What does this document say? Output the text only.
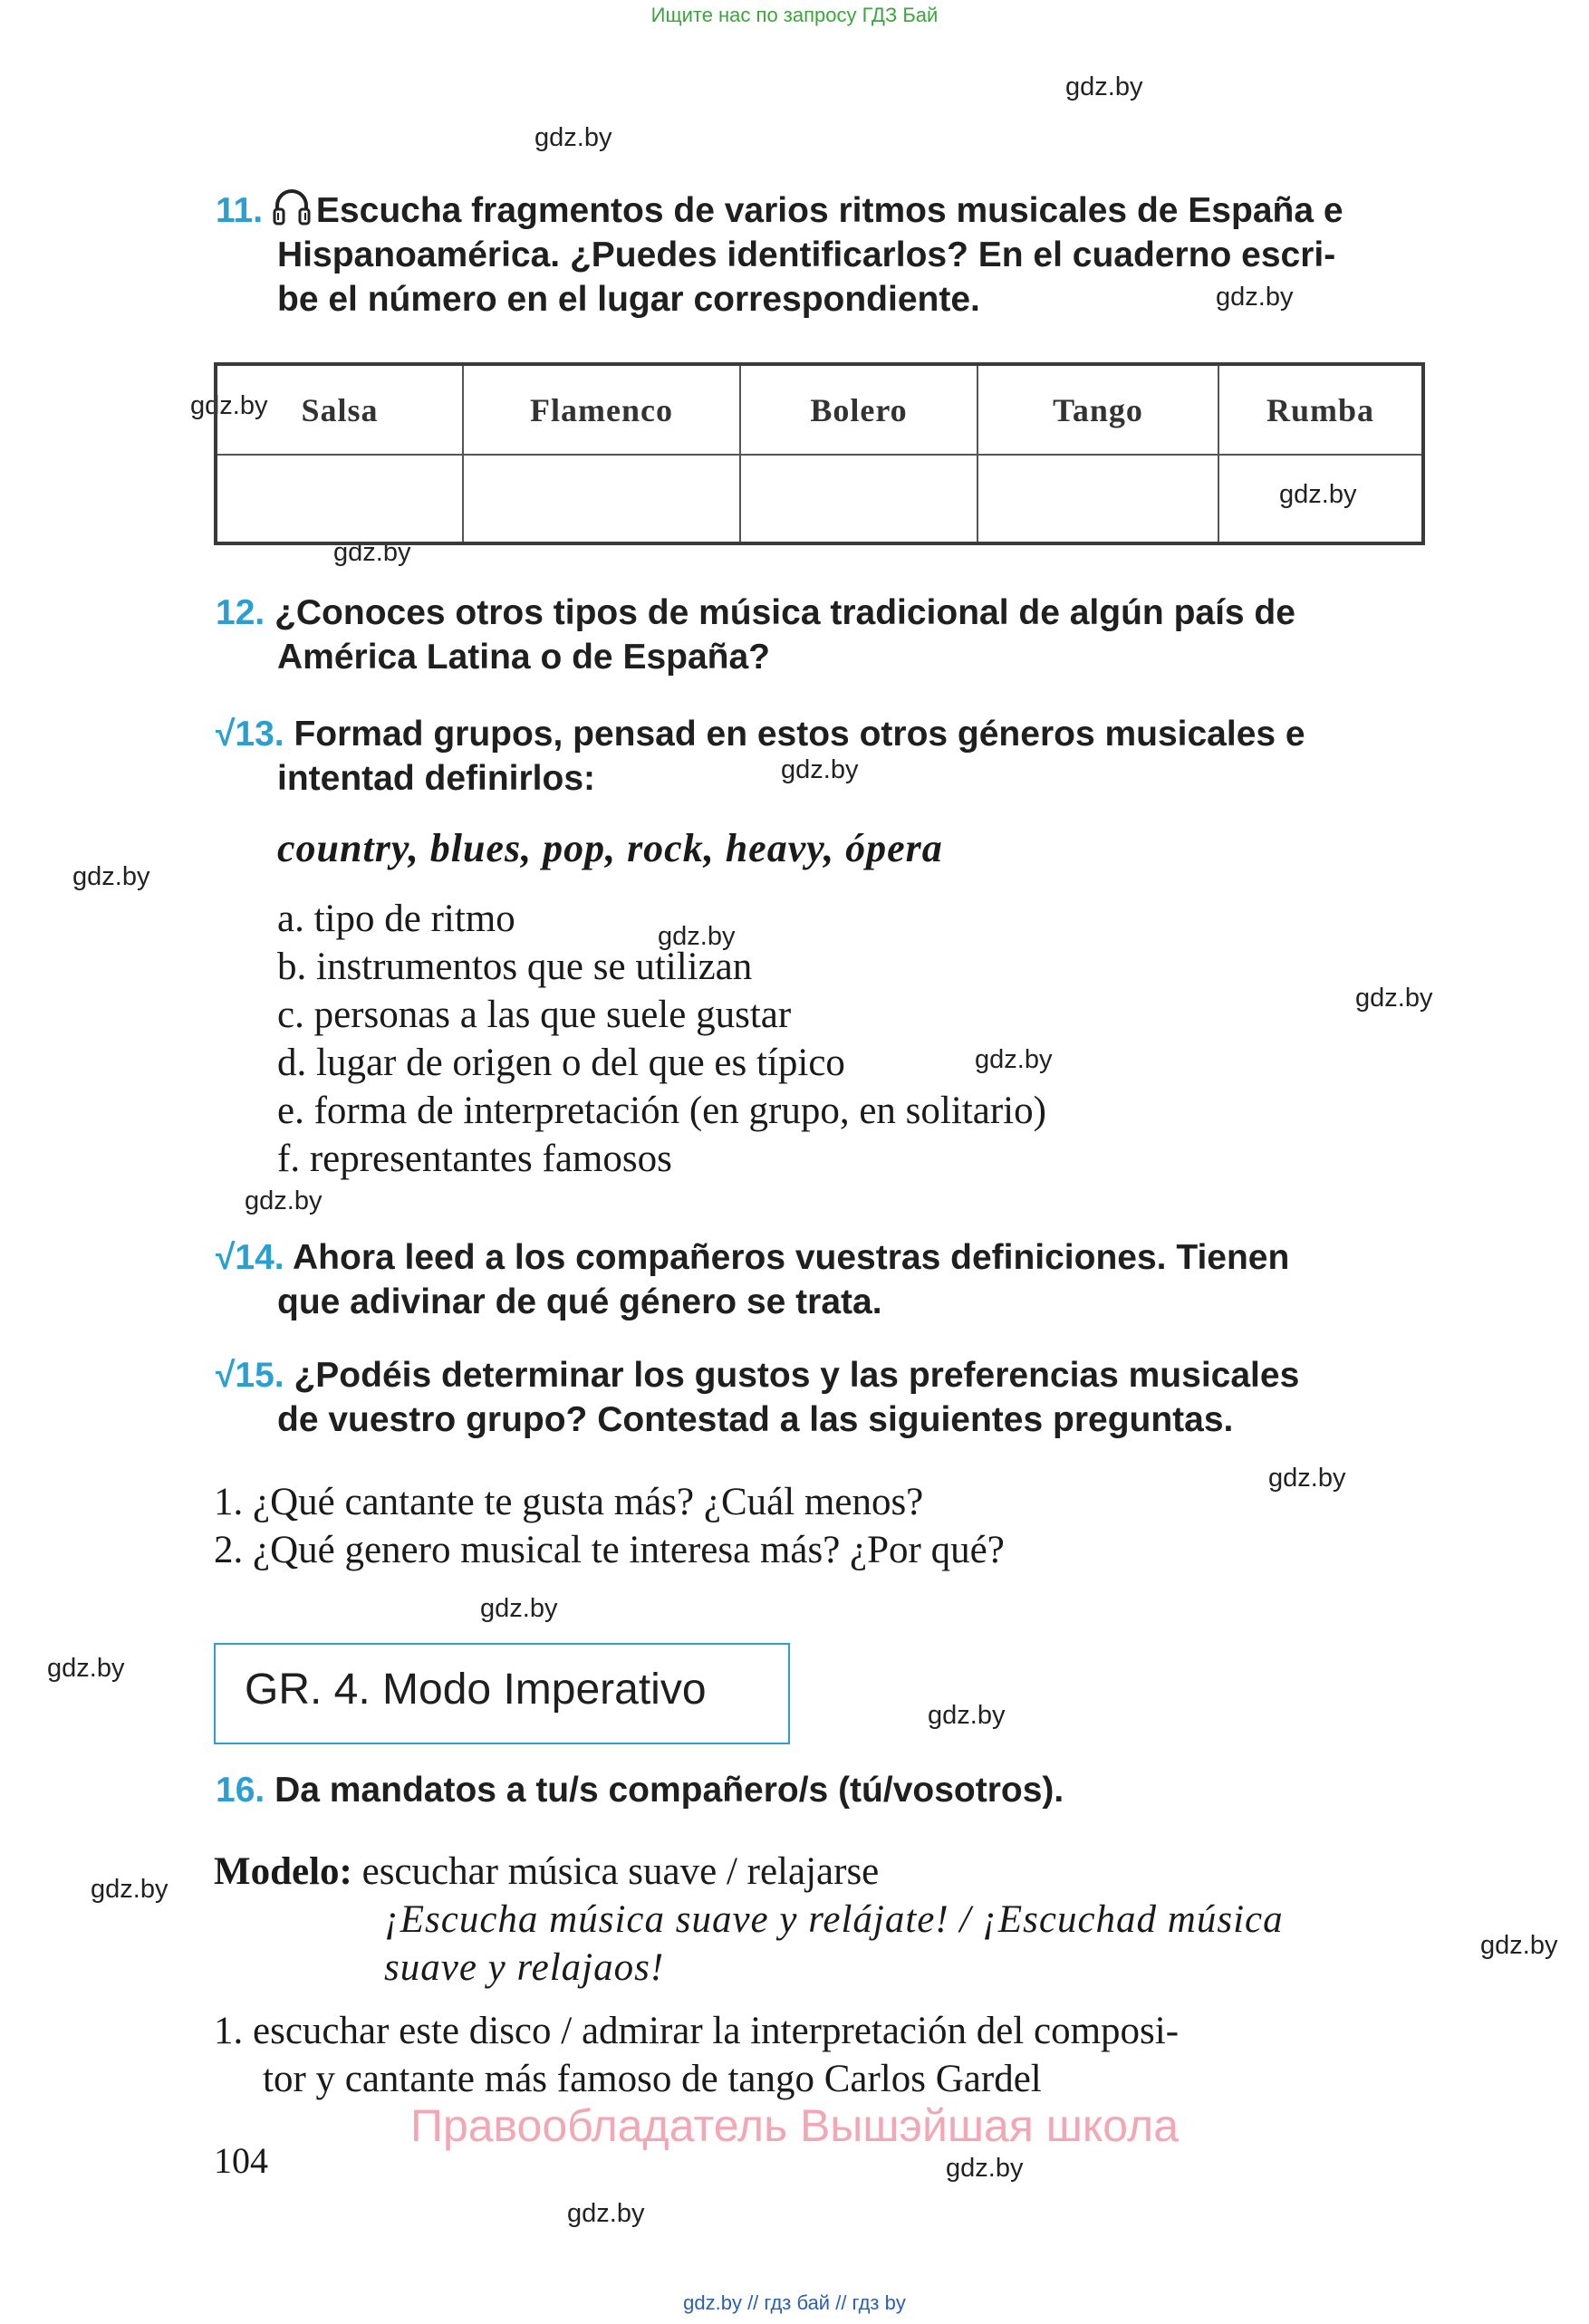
Ищите нас по запросу ГДЗ Бай
gdz.by
gdz.by
gdz.by
gdz.by
gdz.by
gdz.by
gdz.by
gdz.by
gdz.by
gdz.by
gdz.by
gdz.by
gdz.by
gdz.by
gdz.by
gdz.by
gdz.by
gdz.by
gdz.by
gdz.by
11. Escucha fragmentos de varios ritmos musicales de España e
Hispanoamérica. ¿Puedes identificarlos? En el cuaderno escri-
be el número en el lugar correspondiente.
Salsa	Flamenco	Bolero	Tango	Rumba

12. ¿Conoces otros tipos de música tradicional de algún país de
América Latina o de España?
√13. Formad grupos, pensad en estos otros géneros musicales e
intentad definirlos:
country, blues, pop, rock, heavy, ópera
a. tipo de ritmo
b. instrumentos que se utilizan
c. personas a las que suele gustar
d. lugar de origen o del que es típico
e. forma de interpretación (en grupo, en solitario)
f. representantes famosos
√14. Ahora leed a los compañeros vuestras definiciones. Tienen
que adivinar de qué género se trata.
√15. ¿Podéis determinar los gustos y las preferencias musicales
de vuestro grupo? Contestad a las siguientes preguntas.
1. ¿Qué cantante te gusta más? ¿Cuál menos?
2. ¿Qué genero musical te interesa más? ¿Por qué?
GR. 4. Modo Imperativo
16. Da mandatos a tu/s compañero/s (tú/vosotros).
Modelo: escuchar música suave / relajarse
¡Escucha música suave y relájate! / ¡Escuchad música
suave y relajaos!
1. escuchar este disco / admirar la interpretación del composi-
tor y cantante más famoso de tango Carlos Gardel
Правообладатель Вышэйшая школа
104
gdz.by // гдз бай // гдз by
